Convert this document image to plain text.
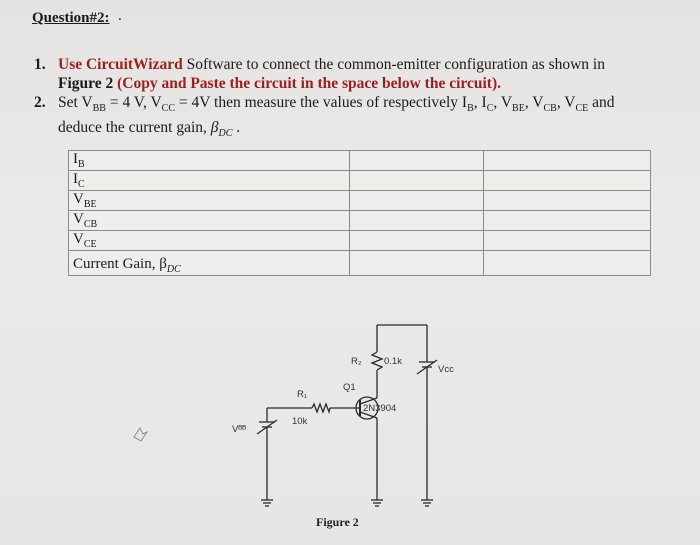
Question#2: .
1. Use CircuitWizard Software to connect the common-emitter configuration as shown in
Figure 2 (Copy and Paste the circuit in the space below the circuit).
2. Set $V_{BB} = 4$ V, $V_{CC} = 4V$ then measure the values of respectively $I_B$, $I_C$, $V_{BE}$, $V_{CB}$, $V_{CE}$ and
deduce the current gain, $\beta_{DC}$ .
$I_B$		
$I_C$		
$V_{BE}$		
$V_{CB}$		
$V_{CE}$		
Current Gain, $\beta_{DC}$		
R₂ 0.1k
Vcc
Q1
2N3904
R₁
10k
Vᴮᴮ
Figure 2
